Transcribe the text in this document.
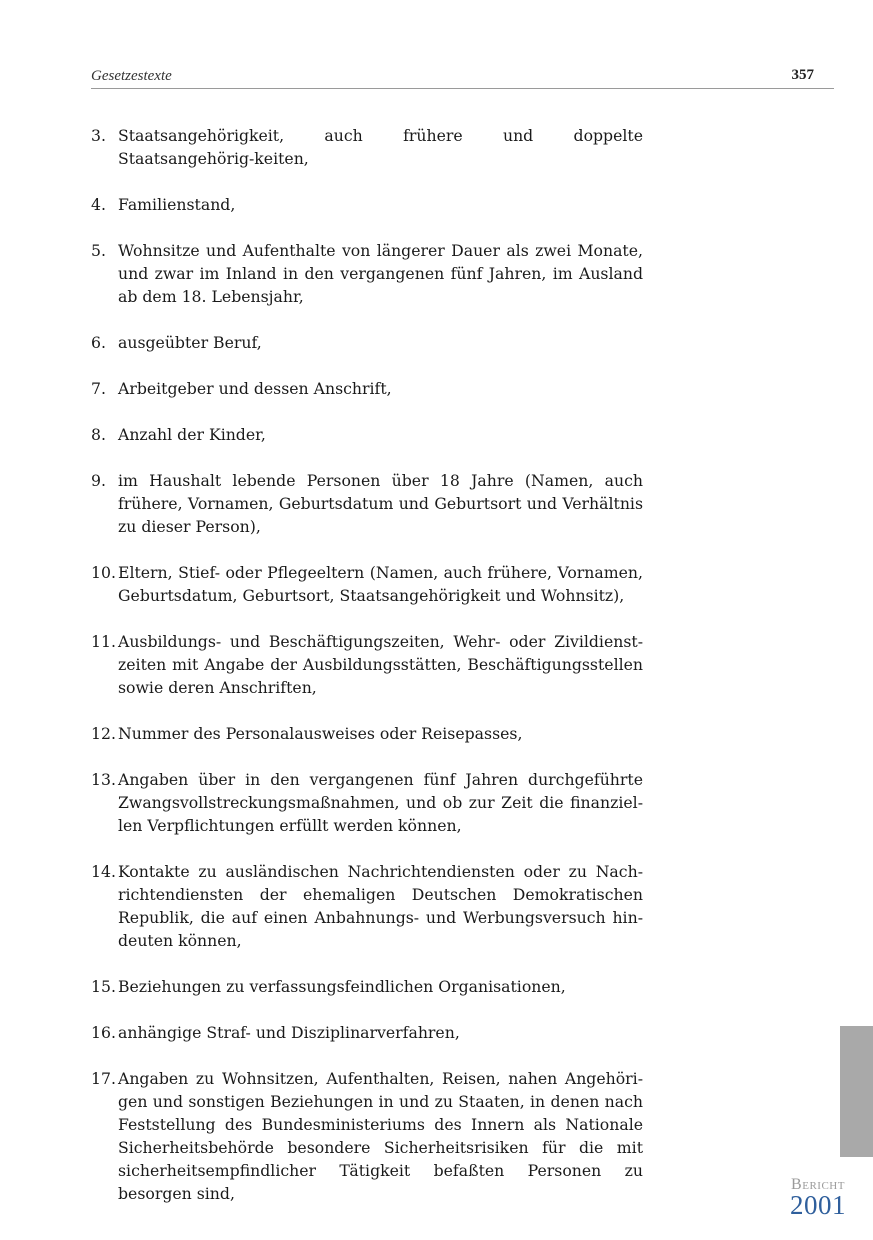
Gesetzestexte	357
3. Staatsangehörigkeit, auch frühere und doppelte Staatsangehörig-keiten,
4. Familienstand,
5. Wohnsitze und Aufenthalte von längerer Dauer als zwei Monate, und zwar im Inland in den vergangenen fünf Jahren, im Ausland ab dem 18. Lebensjahr,
6. ausgeübter Beruf,
7. Arbeitgeber und dessen Anschrift,
8. Anzahl der Kinder,
9. im Haushalt lebende Personen über 18 Jahre (Namen, auch frühere, Vornamen, Geburtsdatum und Geburtsort und Verhältnis zu dieser Person),
10. Eltern, Stief- oder Pflegeeltern (Namen, auch frühere, Vornamen, Geburtsdatum, Geburtsort, Staatsangehörigkeit und Wohnsitz),
11. Ausbildungs- und Beschäftigungszeiten, Wehr- oder Zivildienstzeiten mit Angabe der Ausbildungsstätten, Beschäftigungsstellen sowie deren Anschriften,
12. Nummer des Personalausweises oder Reisepasses,
13. Angaben über in den vergangenen fünf Jahren durchgeführte Zwangsvollstreckungsmaßnahmen, und ob zur Zeit die finanziellen Verpflichtungen erfüllt werden können,
14. Kontakte zu ausländischen Nachrichtendiensten oder zu Nachrichtendiensten der ehemaligen Deutschen Demokratischen Republik, die auf einen Anbahnungs- und Werbungsversuch hindeuten können,
15. Beziehungen zu verfassungsfeindlichen Organisationen,
16. anhängige Straf- und Disziplinarverfahren,
17. Angaben zu Wohnsitzen, Aufenthalten, Reisen, nahen Angehörigen und sonstigen Beziehungen in und zu Staaten, in denen nach Feststellung des Bundesministeriums des Innern als Nationale Sicherheitsbehörde besondere Sicherheitsrisiken für die mit sicherheitsempfindlicher Tätigkeit befaßten Personen zu besorgen sind,	Bericht
2001
